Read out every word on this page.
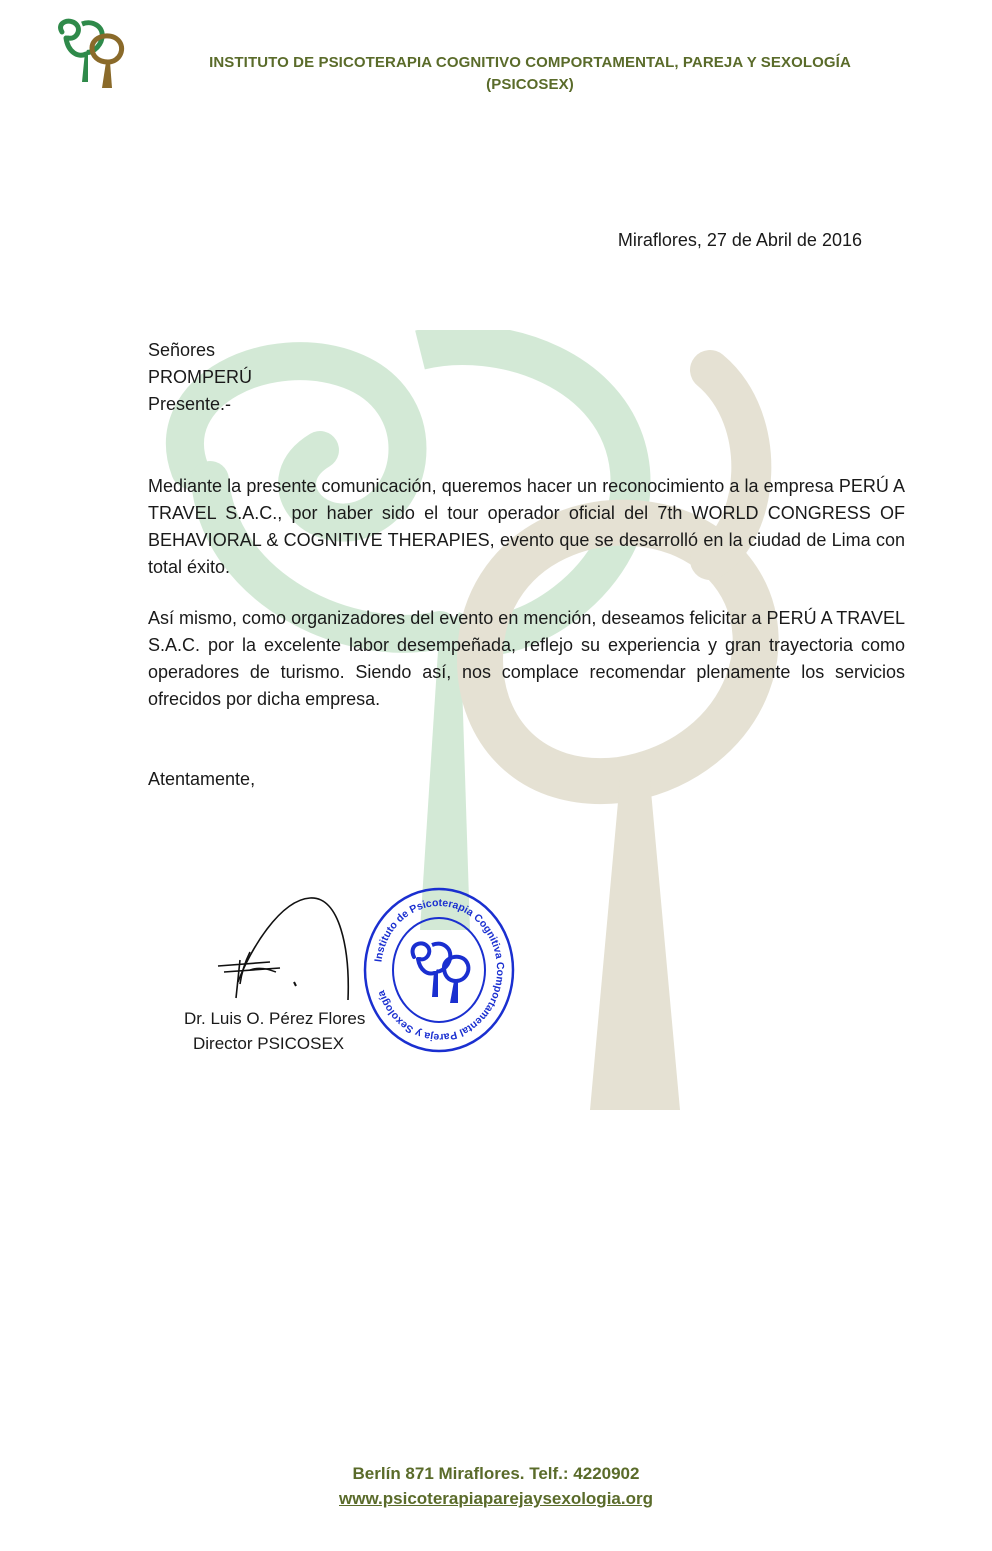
INSTITUTO DE PSICOTERAPIA COGNITIVO COMPORTAMENTAL, PAREJA Y SEXOLOGÍA
(PSICOSEX)
Miraflores, 27 de Abril de 2016
Señores
PROMPERÚ
Presente.-
Mediante la presente comunicación, queremos hacer un reconocimiento a la empresa PERÚ A TRAVEL S.A.C., por haber sido el tour operador oficial del 7th WORLD CONGRESS OF BEHAVIORAL & COGNITIVE THERAPIES, evento que se desarrolló en la ciudad de Lima con total éxito.
Así mismo, como organizadores del evento en mención, deseamos felicitar a PERÚ A TRAVEL S.A.C. por la excelente labor desempeñada, reflejo su experiencia y gran trayectoria como operadores de turismo. Siendo así, nos complace recomendar plenamente los servicios ofrecidos por dicha empresa.
Atentamente,
Instituto de Psicoterapia Cognitiva Comportamental Pareja y Sexología
Dr. Luis O. Pérez Flores
Director PSICOSEX
Berlín 871 Miraflores. Telf.: 4220902
www.psicoterapiaparejaysexologia.org
